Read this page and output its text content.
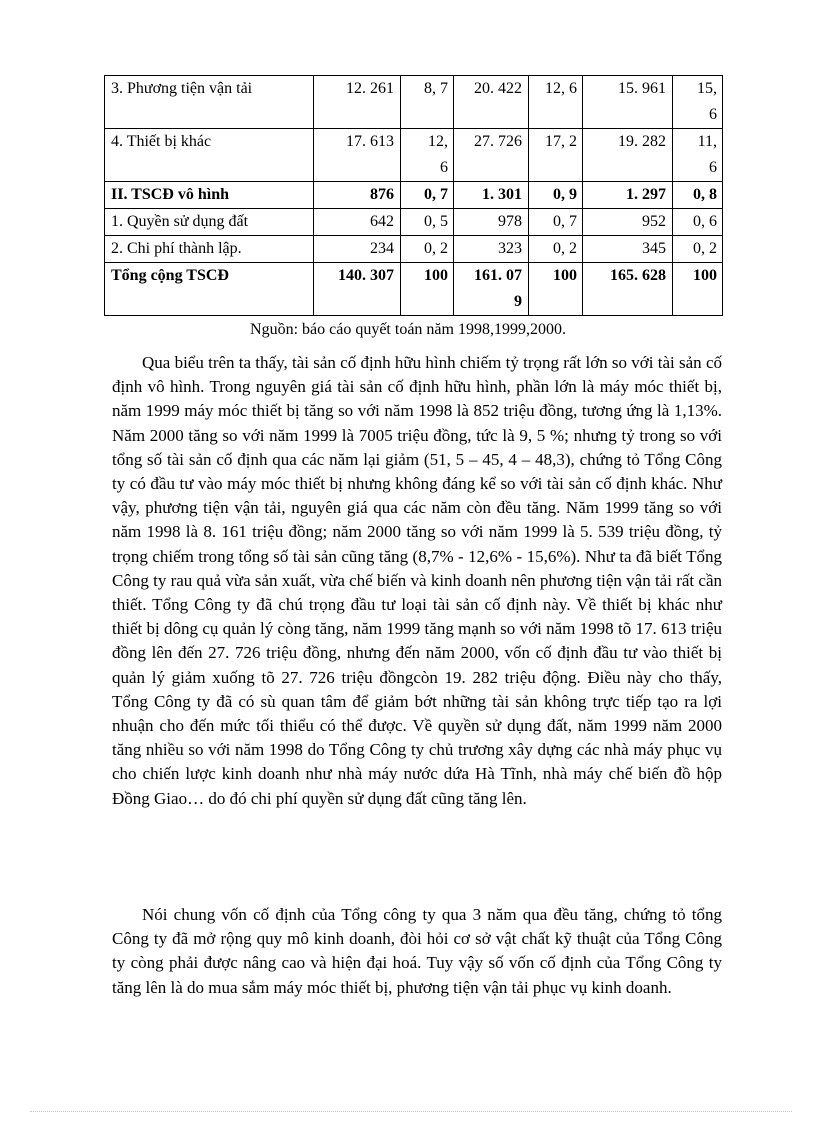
3. Phương tiện vận tải	12. 261	8, 7	20. 422	12, 6	15. 961	15, 6
4. Thiết bị khác	17. 613	12, 6	27. 726	17, 2	19. 282	11, 6
II. TSCĐ vô hình	876	0, 7	1. 301	0, 9	1. 297	0, 8
1. Quyền sử dụng đất	642	0, 5	978	0, 7	952	0, 6
2. Chi phí thành lập.	234	0, 2	323	0, 2	345	0, 2
Tổng cộng TSCĐ	140. 307	100	161. 079	100	165. 628	100
Nguồn: báo cáo quyết toán năm 1998,1999,2000.

Qua biểu trên ta thấy, tài sản cố định hữu hình chiếm tỷ trọng rất lớn so với tài sản cố định vô hình. Trong nguyên giá tài sản cố định hữu hình, phần lớn là máy móc thiết bị, năm 1999 máy móc thiết bị tăng so với năm 1998 là 852 triệu đồng, tương ứng là 1,13%. Năm 2000 tăng so với năm 1999 là 7005 triệu đồng, tức là 9, 5 %; nhưng tỷ trong so với tổng số tài sản cố định qua các năm lại giảm (51, 5 – 45, 4 – 48,3), chứng tỏ Tổng Công ty có đầu tư vào máy móc thiết bị nhưng không đáng kể so với tài sản cố định khác. Như vậy, phương tiện vận tải, nguyên giá qua các năm còn đều tăng. Năm 1999 tăng so với năm 1998 là 8. 161 triệu đồng; năm 2000 tăng so với năm 1999 là 5. 539 triệu đồng, tỷ trọng chiếm trong tổng số tài sản cũng tăng (8,7% - 12,6% - 15,6%). Như ta đã biết Tổng Công ty rau quả vừa sản xuất, vừa chế biến và kinh doanh nên phương tiện vận tải rất cần thiết. Tổng Công ty đã chú trọng đầu tư loại tài sản cố định này. Về thiết bị khác như thiết bị dông cụ quản lý còng tăng, năm 1999 tăng mạnh so với năm 1998 tõ 17. 613 triệu đồng lên đến 27. 726 triệu đồng, nhưng đến năm 2000, vốn cố định đầu tư vào thiết bị quản lý giảm xuống tõ 27. 726 triệu đồngcòn 19. 282 triệu động. Điều này cho thấy, Tổng Công ty đã có sù quan tâm để giảm bớt những tài sản không trực tiếp tạo ra lợi nhuận cho đến mức tối thiểu có thể được. Về quyền sử dụng đất, năm 1999 năm 2000 tăng nhiều so với năm 1998 do Tổng Công ty chủ trương xây dựng các nhà máy phục vụ cho chiến lược kinh doanh như nhà máy nước dứa Hà Tĩnh, nhà máy chế biến đồ hộp Đồng Giao… do đó chi phí quyền sử dụng đất cũng tăng lên.

Nói chung vốn cố định của Tổng công ty qua 3 năm qua đều tăng, chứng tỏ tổng Công ty đã mở rộng quy mô kinh doanh, đòi hỏi cơ sở vật chất kỹ thuật của Tổng Công ty còng phải được nâng cao và hiện đại hoá. Tuy vậy số vốn cố định của Tổng Công ty tăng lên là do mua sắm máy móc thiết bị, phương tiện vận tải phục vụ kinh doanh.
